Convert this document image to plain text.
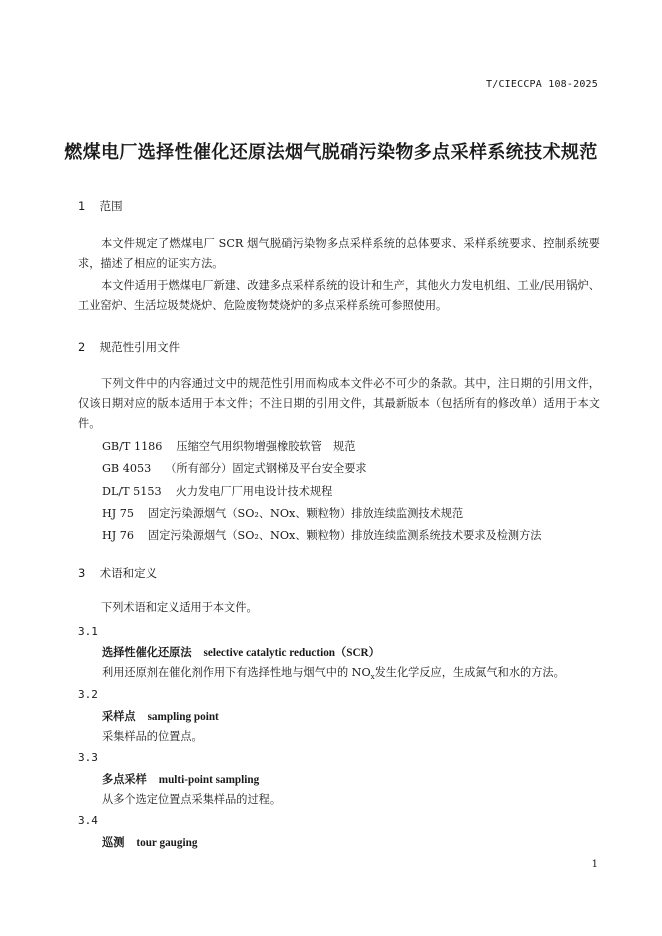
T/CIECCPA 108-2025
燃煤电厂选择性催化还原法烟气脱硝污染物多点采样系统技术规范
1 范围

本文件规定了燃煤电厂 SCR 烟气脱硝污染物多点采样系统的总体要求、采样系统要求、控制系统要求，描述了相应的证实方法。

本文件适用于燃煤电厂新建、改建多点采样系统的设计和生产，其他火力发电机组、工业/民用锅炉、工业窑炉、生活垃圾焚烧炉、危险废物焚烧炉的多点采样系统可参照使用。

2 规范性引用文件

下列文件中的内容通过文中的规范性引用而构成本文件必不可少的条款。其中，注日期的引用文件，仅该日期对应的版本适用于本文件；不注日期的引用文件，其最新版本（包括所有的修改单）适用于本文件。

GB/T 1186 压缩空气用织物增强橡胶软管　规范
GB 4053 （所有部分）固定式钢梯及平台安全要求
DL/T 5153 火力发电厂厂用电设计技术规程
HJ 75 固定污染源烟气（SO₂、NOx、颗粒物）排放连续监测技术规范
HJ 76 固定污染源烟气（SO₂、NOx、颗粒物）排放连续监测系统技术要求及检测方法
3 术语和定义

下列术语和定义适用于本文件。

3.1
选择性催化还原法 selective catalytic reduction（SCR）
利用还原剂在催化剂作用下有选择性地与烟气中的 $NO_x$发生化学反应，生成氮气和水的方法。
3.2
采样点 sampling point
采集样品的位置点。
3.3
多点采样 multi-point sampling
从多个选定位置点采集样品的过程。
3.4
巡测 tour gauging
1
